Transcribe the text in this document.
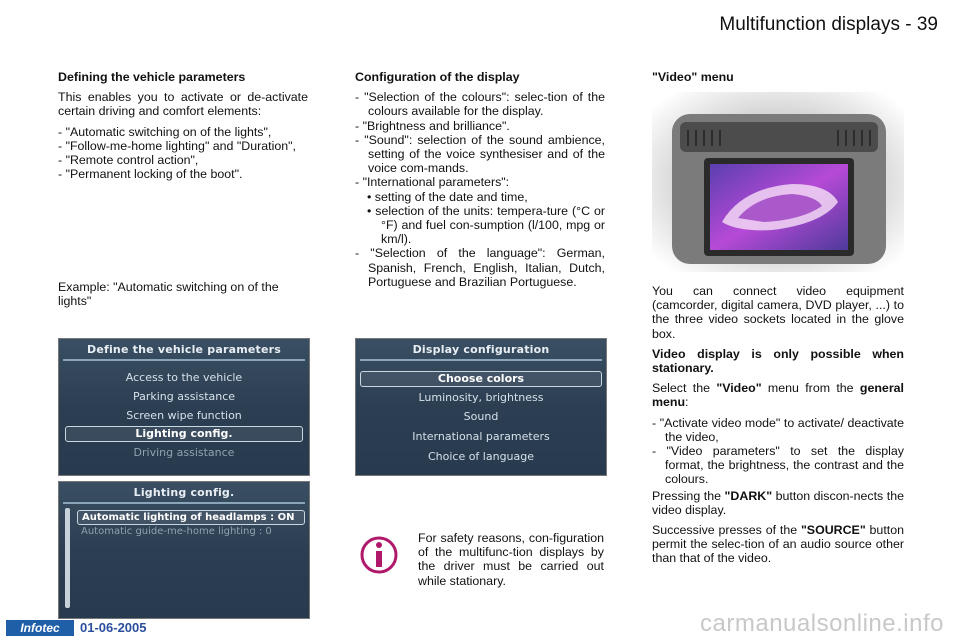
Multifunction displays - 39
Defining the vehicle parameters

This enables you to activate or de-activate certain driving and comfort elements:

- "Automatic switching on of the lights",
- "Follow-me-home lighting" and "Duration",
- "Remote control action",
- "Permanent locking of the boot".
Example: "Automatic switching on of the lights"
Configuration of the display
- "Selection of the colours": selec-tion of the colours available for the display.
- "Brightness and brilliance".
- "Sound": selection of the sound ambience, setting of the voice synthesiser and of the voice com-mands.
- "International parameters":
• setting of the date and time,
• selection of the units: tempera-ture (°C or °F) and fuel con-sumption (l/100, mpg or km/l).
- "Selection of the language": German, Spanish, French, English, Italian, Dutch, Portuguese and Brazilian Portuguese.
"Video" menu

You can connect video equipment (camcorder, digital camera, DVD player, ...) to the three video sockets located in the glove box.

Video display is only possible when stationary.

Select the "Video" menu from the general menu:

- "Activate video mode" to activate/ deactivate the video,
- "Video parameters" to set the display format, the brightness, the contrast and the colours.

Pressing the "DARK" button discon-nects the video display.

Successive presses of the "SOURCE" button permit the selec-tion of an audio source other than that of the video.

Define the vehicle parameters
Access to the vehicle
Parking assistance
Screen wipe function
Lighting config.
Driving assistance
Display configuration
Choose colors
Luminosity, brightness
Sound
International parameters
Choice of language
Lighting config.
Automatic lighting of headlamps : ON
Automatic guide-me-home lighting : 0	For safety reasons, con-figuration of the multifunc-tion displays by the driver must be carried out while stationary.
Infotec	01-06-2005	carmanualsonline.info
